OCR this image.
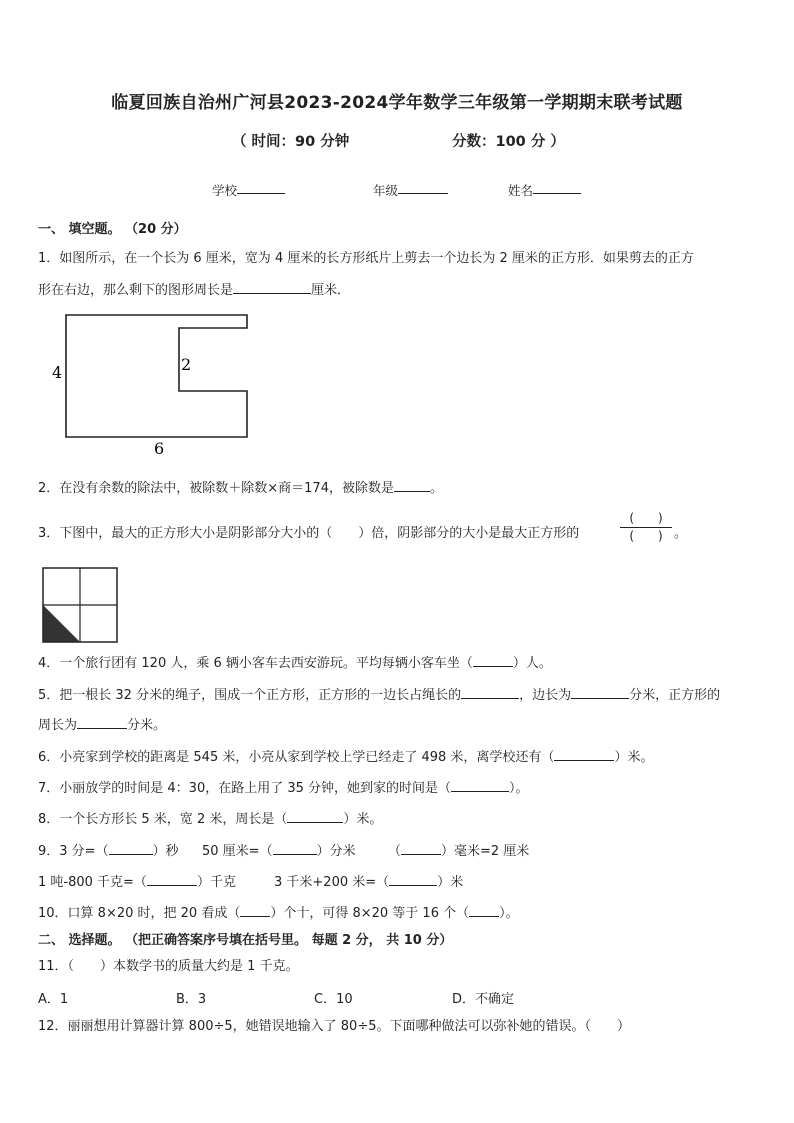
临夏回族自治州广河县2023-2024学年数学三年级第一学期期末联考试题
（ 时间：90 分钟	分数：100 分 ）
学校	年级	姓名
一、 填空题。 （20 分）
1．如图所示，在一个长为 6 厘米，宽为 4 厘米的长方形纸片上剪去一个边长为 2 厘米的正方形．如果剪去的正方
形在右边，那么剩下的图形周长是	厘米．
4	2
6
2．在没有余数的除法中，被除数＋除数×商＝174，被除数是	。
3．下图中，最大的正方形大小是阴影部分大小的（　　）倍，阴影部分的大小是最大正方形的
(　　)
(　　) 。
4．一个旅行团有 120 人，乘 6 辆小客车去西安游玩。平均每辆小客车坐（	）人。
5．把一根长 32 分米的绳子，围成一个正方形，正方形的一边长占绳长的	，边长为	分米，正方形的
周长为	分米。
6．小亮家到学校的距离是 545 米，小亮从家到学校上学已经走了 498 米，离学校还有（	）米。
7．小丽放学的时间是 4：30，在路上用了 35 分钟，她到家的时间是（	）。
8．一个长方形长 5 米，宽 2 米，周长是（	）米。
9．3 分=（	）秒 50 厘米=（	）分米 （	）毫米=2 厘米
1 吨-800 千克=（	）千克	3 千米+200 米=（	）米
10．口算 8×20 时，把 20 看成（ ）个十，可得 8×20 等于 16 个（ ）。
二、 选择题。 （把正确答案序号填在括号里。 每题 2 分， 共 10 分）
11．（　　）本数学书的质量大约是 1 千克。
A．1	B．3	C．10	D．不确定
12．丽丽想用计算器计算 800÷5，她错误地输入了 80÷5。下面哪种做法可以弥补她的错误。（　　）
